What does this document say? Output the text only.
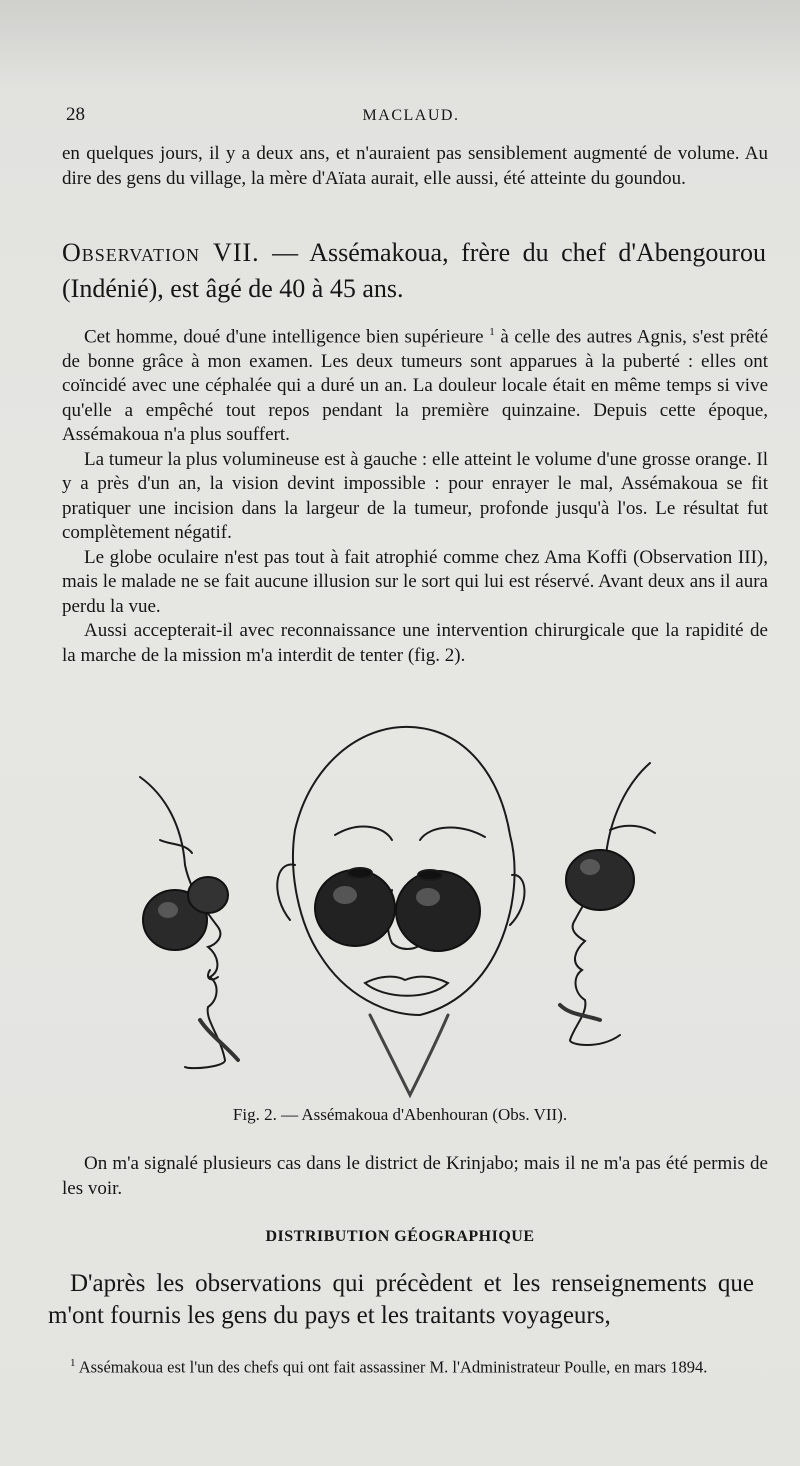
28	MACLAUD.

en quelques jours, il y a deux ans, et n'auraient pas sensiblement augmenté de volume. Au dire des gens du village, la mère d'Aïata aurait, elle aussi, été atteinte du goundou.

Observation VII. — Assémakoua, frère du chef d'Abengourou (Indénié), est âgé de 40 à 45 ans.

Cet homme, doué d'une intelligence bien supérieure $^1$ à celle des autres Agnis, s'est prêté de bonne grâce à mon examen. Les deux tumeurs sont apparues à la puberté : elles ont coïncidé avec une céphalée qui a duré un an. La douleur locale était en même temps si vive qu'elle a empêché tout repos pendant la première quinzaine. Depuis cette époque, Assémakoua n'a plus souffert.

La tumeur la plus volumineuse est à gauche : elle atteint le volume d'une grosse orange. Il y a près d'un an, la vision devint impossible : pour enrayer le mal, Assémakoua se fit pratiquer une incision dans la largeur de la tumeur, profonde jusqu'à l'os. Le résultat fut complètement négatif.

Le globe oculaire n'est pas tout à fait atrophié comme chez Ama Koffi (Observation III), mais le malade ne se fait aucune illusion sur le sort qui lui est réservé. Avant deux ans il aura perdu la vue.

Aussi accepterait-il avec reconnaissance une intervention chirurgicale que la rapidité de la marche de la mission m'a interdit de tenter (fig. 2).

Fig. 2. — Assémakoua d'Abenhouran (Obs. VII).

On m'a signalé plusieurs cas dans le district de Krinjabo; mais il ne m'a pas été permis de les voir.

DISTRIBUTION GÉOGRAPHIQUE

D'après les observations qui précèdent et les renseignements que m'ont fournis les gens du pays et les traitants voyageurs,

$^1$ Assémakoua est l'un des chefs qui ont fait assassiner M. l'Administrateur Poulle, en mars 1894.
